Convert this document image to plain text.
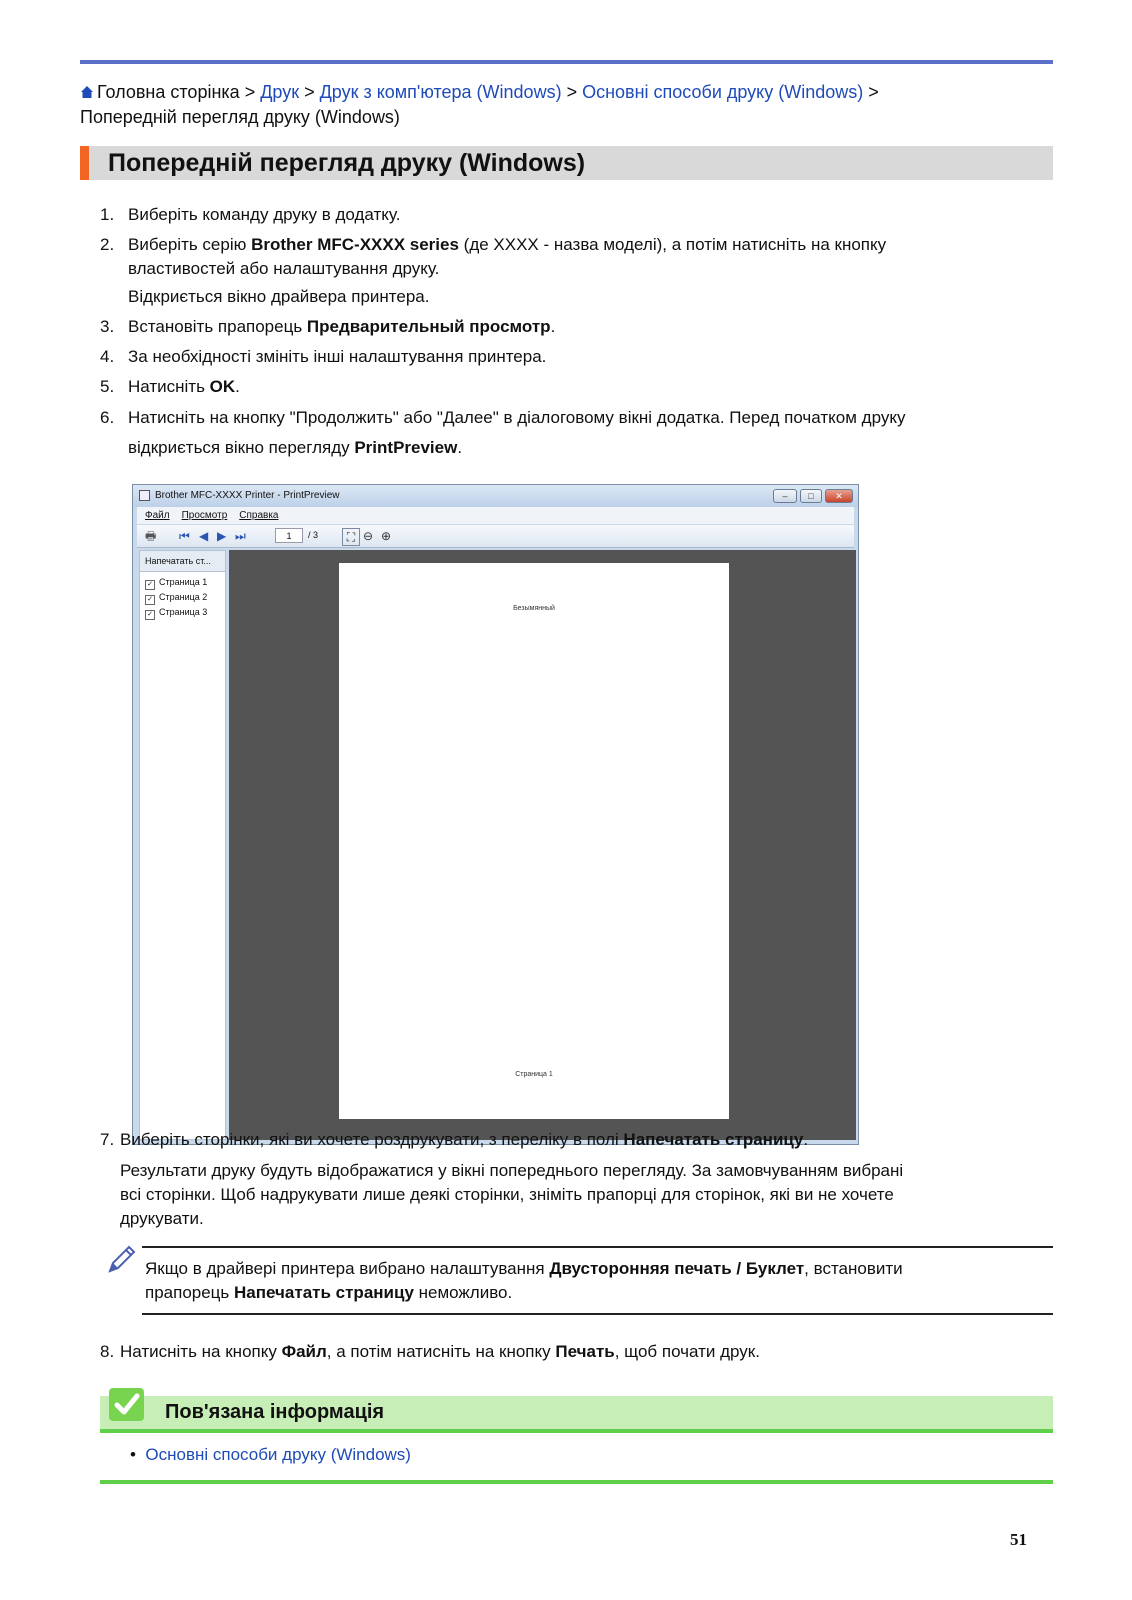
Головна сторінка > Друк > Друк з комп'ютера (Windows) > Основні способи друку (Windows) >
Попередній перегляд друку (Windows)
Попередній перегляд друку (Windows)
1. Виберіть команду друку в додатку.
2. Виберіть серію Brother MFC-XXXX series (де XXXX - назва моделі), а потім натисніть на кнопку
властивостей або налаштування друку.
Відкриється вікно драйвера принтера.
3. Встановіть прапорець Предварительный просмотр.
4. За необхідності змініть інші налаштування принтера.
5. Натисніть OK.
6. Натисніть на кнопку "Продолжить" або "Далее" в діалоговому вікні додатка. Перед початком друку
відкриється вікно перегляду PrintPreview.
Brother MFC-XXXX Printer - PrintPreview	–	□	✕
Файл Просмотр Справка
🖶 ⏮ ◀ ▶ ⏭	1	/ 3	⛶ ⊖ ⊕
Напечатать ст...
✓ Страница 1
✓ Страница 2
✓ Страница 3	Безымянный
Страница 1
7. Виберіть сторінки, які ви хочете роздрукувати, з переліку в полі Напечатать страницу.
Результати друку будуть відображатися у вікні попереднього перегляду. За замовчуванням вибрані
всі сторінки. Щоб надрукувати лише деякі сторінки, зніміть прапорці для сторінок, які ви не хочете
друкувати.
Якщо в драйвері принтера вибрано налаштування Двусторонняя печать / Буклет, встановити
прапорець Напечатать страницу неможливо.
8. Натисніть на кнопку Файл, а потім натисніть на кнопку Печать, щоб почати друк.
Пов'язана інформація
• Основні способи друку (Windows)
51
